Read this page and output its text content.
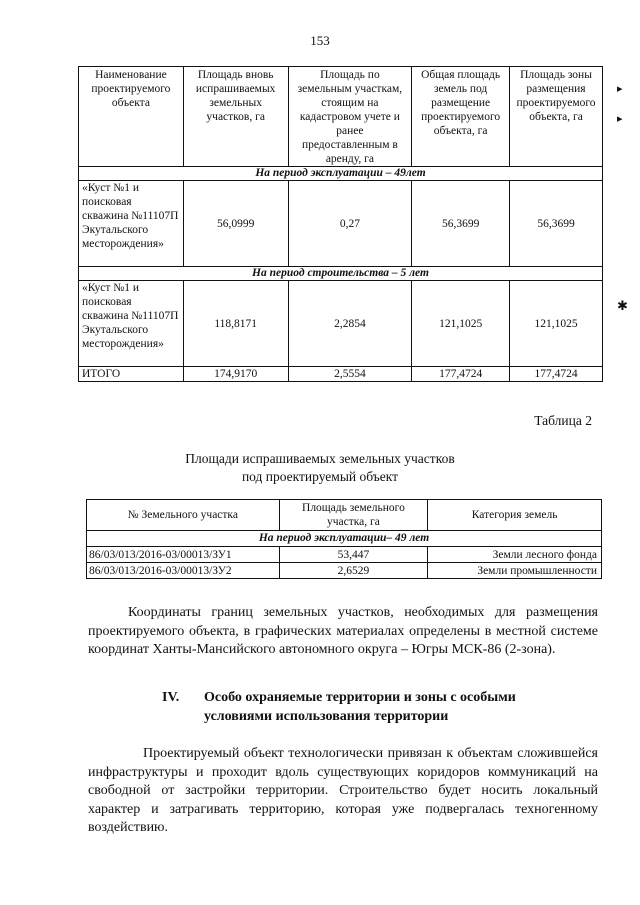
153
Наименование проектируемого объекта	Площадь вновь испрашиваемых земельных участков, га	Площадь по земельным участкам, стоящим на кадастровом учете и ранее предоставленным в аренду, га	Общая площадь земель под размещение проектируемого объекта, га	Площадь зоны размещения проектируемого объекта, га
На период эксплуатации – 49лет				
«Куст №1 и поисковая скважина №11107П Экутальского месторождения»	56,0999	0,27	56,3699	56,3699
На период строительства – 5 лет				
«Куст №1 и поисковая скважина №11107П Экутальского месторождения»	118,8171	2,2854	121,1025	121,1025
ИТОГО	174,9170	2,5554	177,4724	177,4724
Таблица 2
Площади испрашиваемых земельных участков
под проектируемый объект
№ Земельного участка	Площадь земельного участка, га	Категория земель
На период эксплуатации– 49 лет		
86/03/013/2016-03/00013/ЗУ1	53,447	Земли лесного фонда
86/03/013/2016-03/00013/ЗУ2	2,6529	Земли промышленности

Координаты границ земельных участков, необходимых для размещения проектируемого объекта, в графических материалах определены в местной системе координат Ханты-Мансийского автономного округа – Югры МСК-86 (2-зона).

IV. Особо охраняемые территории и зоны с особыми условиями использования территории

Проектируемый объект технологически привязан к объектам сложившейся инфраструктуры и проходит вдоль существующих коридоров коммуникаций на свободной от застройки территории. Строительство будет носить локальный характер и затрагивать территорию, которая уже подвергалась техногенному воздействию.

▸
▸
✱
